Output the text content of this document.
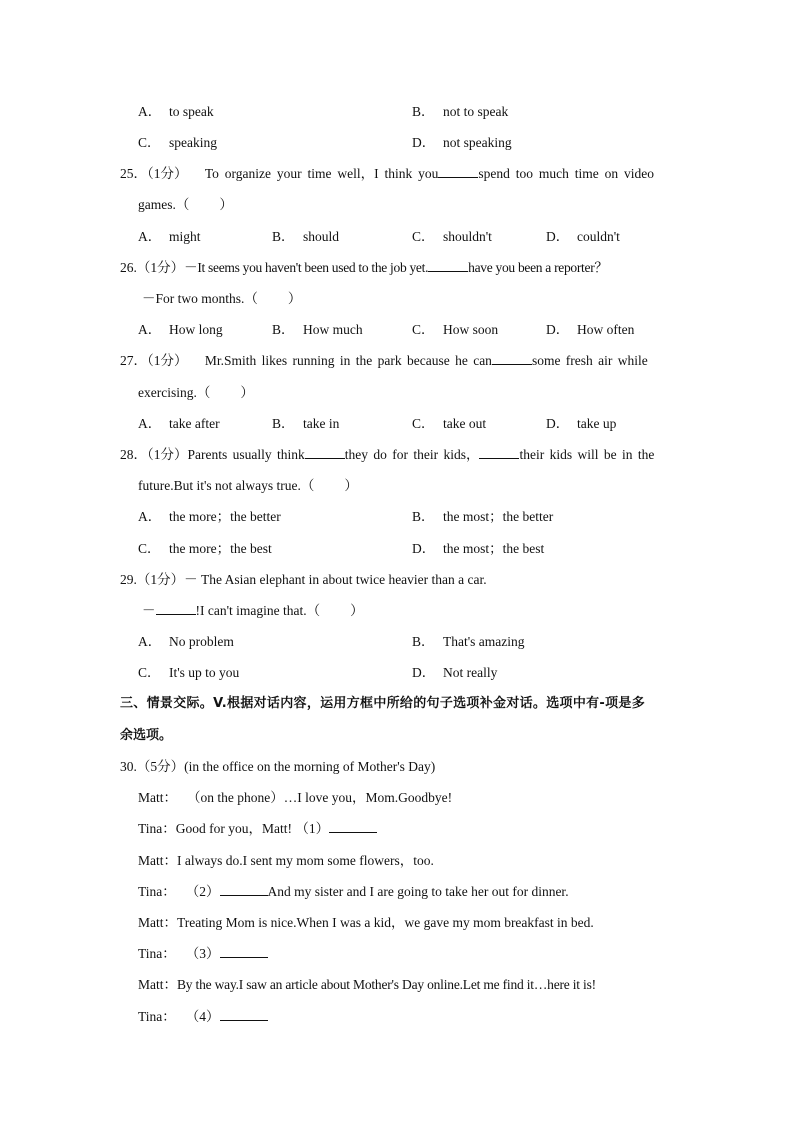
A． to speak	B． not to speak
C． speaking	D． not speaking
25．（1分） To organize your time well，I think you	spend too much time on video
games.（ ）
A． might	B． should	C． shouldn't	D． couldn't
26.（1分）－It seems you haven't been used to the job yet.	have you been a reporter？
－For two months.（ ）
A． How long	B． How much	C． How soon	D． How often
27．（1分） Mr.Smith likes running in the park because he can	some fresh air while
exercising.（ ）
A． take after	B． take in	C． take out	D． take up
28．（1分）Parents usually think	they do for their kids，	their kids will be in the
future.But it's not always true.（ ）
A． the more；the better	B． the most；the better
C． the more；the best	D． the most；the best
29.（1分）－ The Asian elephant in about twice heavier than a car.
－	!I can't imagine that.（ ）
A． No problem	B． That's amazing
C． It's up to you	D． Not really
三、情景交际。V.根据对话内容，运用方框中所给的句子选项补金对话。选项中有-项是多
余选项。
30.（5分）(in the office on the morning of Mother's Day)
Matt： （on the phone）…I love you，Mom.Goodbye!
Tina：Good for you，Matt! （1）
Matt：I always do.I sent my mom some flowers，too.
Tina： （2）	And my sister and I are going to take her out for dinner.
Matt：Treating Mom is nice.When I was a kid，we gave my mom breakfast in bed.
Tina： （3）
Matt：By the way.I saw an article about Mother's Day online.Let me find it…here it is!
Tina： （4）
